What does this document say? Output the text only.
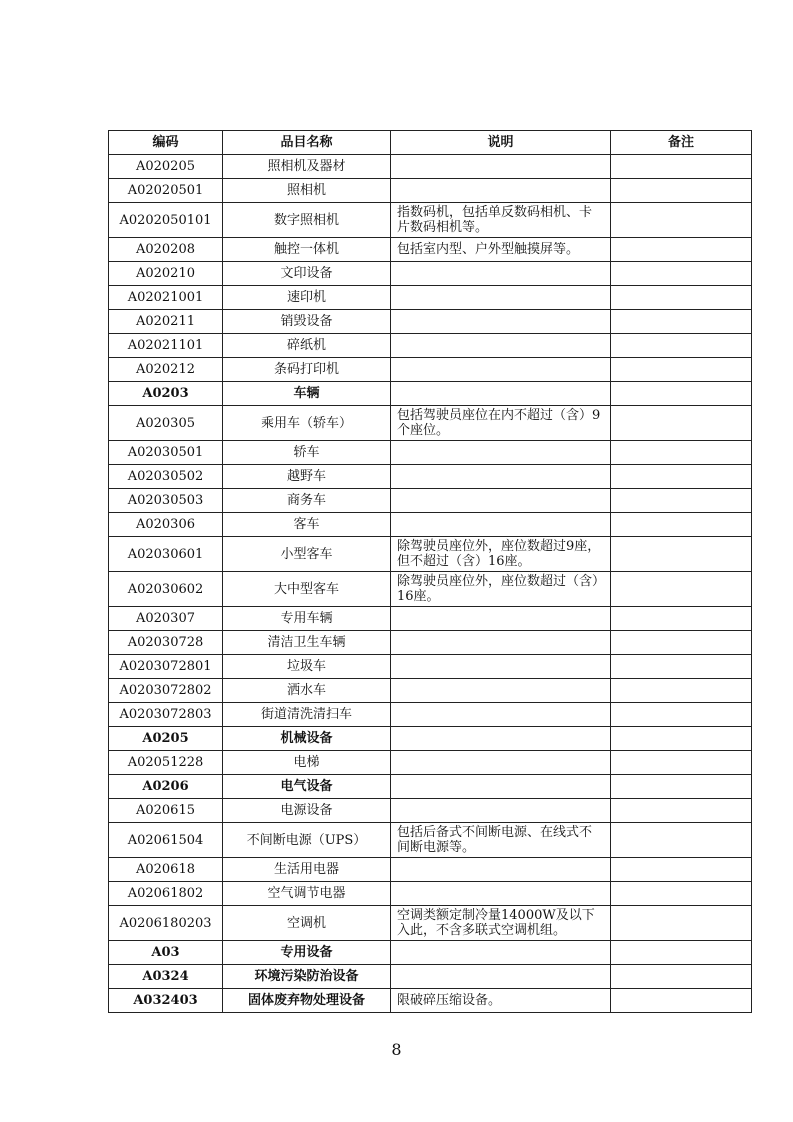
编码	品目名称	说明	备注
A020205	照相机及器材		
A02020501	照相机		
A0202050101	数字照相机	指数码机，包括单反数码相机、卡片数码相机等。	
A020208	触控一体机	包括室内型、户外型触摸屏等。	
A020210	文印设备		
A02021001	速印机		
A020211	销毁设备		
A02021101	碎纸机		
A020212	条码打印机		
A0203	车辆		
A020305	乘用车（轿车）	包括驾驶员座位在内不超过（含）9个座位。	
A02030501	轿车		
A02030502	越野车		
A02030503	商务车		
A020306	客车		
A02030601	小型客车	除驾驶员座位外，座位数超过9座，但不超过（含）16座。	
A02030602	大中型客车	除驾驶员座位外，座位数超过（含）16座。	
A020307	专用车辆		
A02030728	清洁卫生车辆		
A0203072801	垃圾车		
A0203072802	洒水车		
A0203072803	街道清洗清扫车		
A0205	机械设备		
A02051228	电梯		
A0206	电气设备		
A020615	电源设备		
A02061504	不间断电源（UPS）	包括后备式不间断电源、在线式不间断电源等。	
A020618	生活用电器		
A02061802	空气调节电器		
A0206180203	空调机	空调类额定制冷量14000W及以下入此，不含多联式空调机组。	
A03	专用设备		
A0324	环境污染防治设备		
A032403	固体废弃物处理设备	限破碎压缩设备。	
8
